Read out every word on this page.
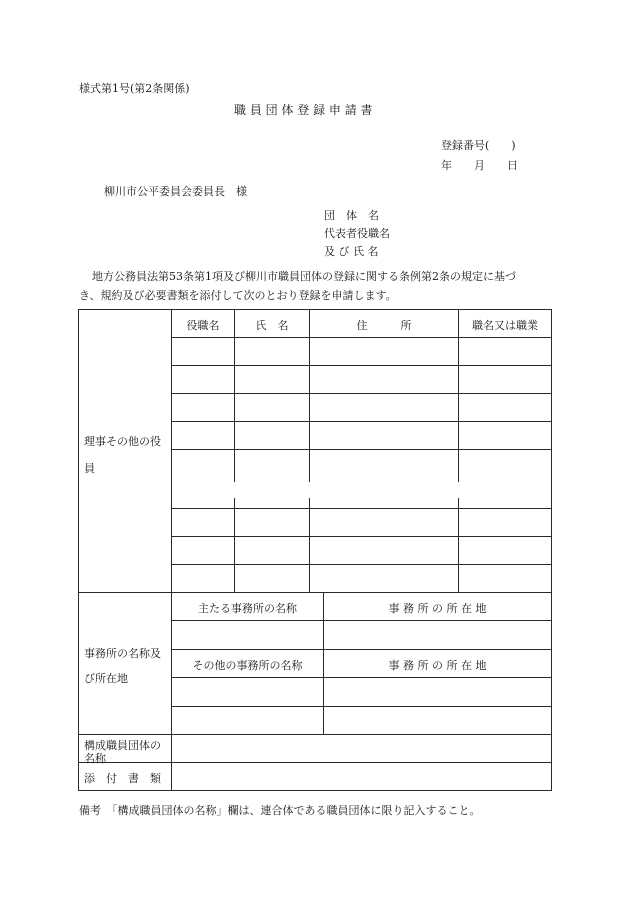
様式第1号(第2条関係)
職 員 団 体 登 録 申 請 書
登録番号(　　)
年　　月　　日
柳川市公平委員会委員長　様
団　体　名
代表者役職名
及 び 氏 名
地方公務員法第53条第1項及び柳川市職員団体の登録に関する条例第2条の規定に基づ
き、規約及び必要書類を添付して次のとおり登録を申請します。
役職名	氏　名	住　　　所	職名又は職業
理事その他の役
員
主たる事務所の名称	事 務 所 の 所 在 地
その他の事務所の名称	事 務 所 の 所 在 地
事務所の名称及
び所在地
構成職員団体の
名称
添　付　書　類
備考　「構成職員団体の名称」欄は、連合体である職員団体に限り記入すること。
